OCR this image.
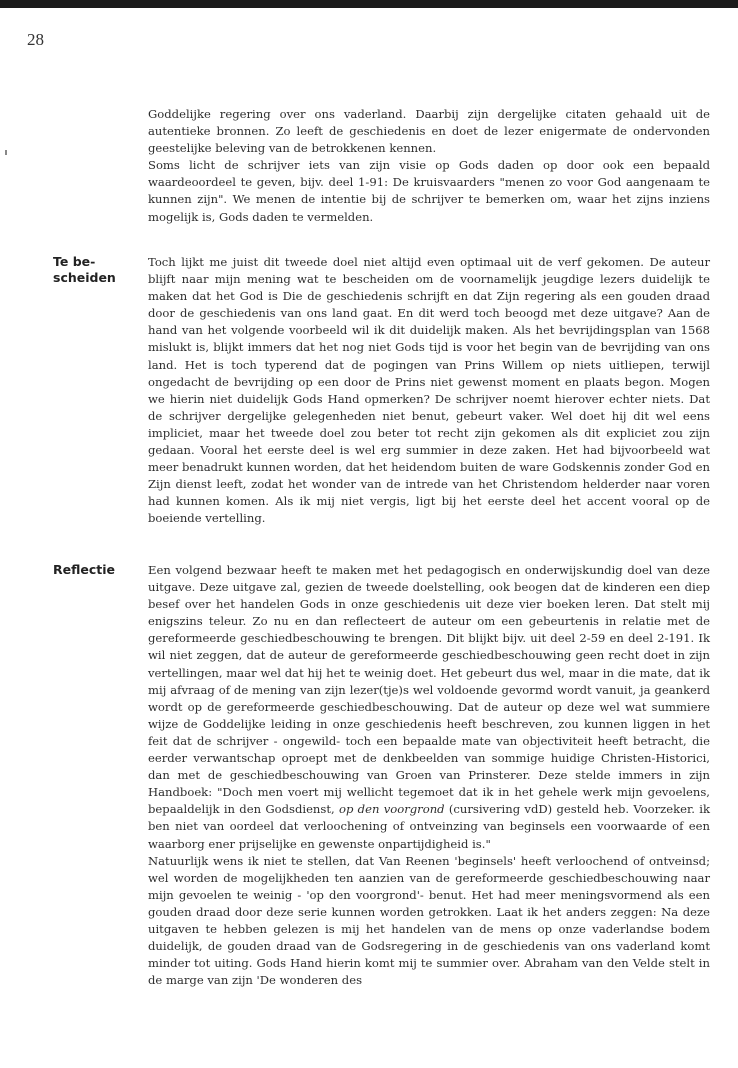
28

Goddelijke regering over ons vaderland. Daarbij zijn dergelijke citaten gehaald uit de autentieke bronnen. Zo leeft de geschiedenis en doet de lezer enigermate de ondervonden geestelijke beleving van de betrokkenen kennen.

Soms licht de schrijver iets van zijn visie op Gods daden op door ook een bepaald waardeoordeel te geven, bijv. deel 1-91: De kruisvaarders "menen zo voor God aangenaam te kunnen zijn". We menen de intentie bij de schrijver te bemerken om, waar het zijns inziens mogelijk is, Gods daden te vermelden.

Te be- scheiden

Toch lijkt me juist dit tweede doel niet altijd even optimaal uit de verf gekomen. De auteur blijft naar mijn mening wat te bescheiden om de voornamelijk jeugdige lezers duidelijk te maken dat het God is Die de geschiedenis schrijft en dat Zijn regering als een gouden draad door de geschiedenis van ons land gaat. En dit werd toch beoogd met deze uitgave? Aan de hand van het volgende voorbeeld wil ik dit duidelijk maken. Als het bevrijdingsplan van 1568 mislukt is, blijkt immers dat het nog niet Gods tijd is voor het begin van de bevrijding van ons land. Het is toch typerend dat de pogingen van Prins Willem op niets uitliepen, terwijl ongedacht de bevrijding op een door de Prins niet gewenst moment en plaats begon. Mogen we hierin niet duidelijk Gods Hand opmerken? De schrijver noemt hierover echter niets. Dat de schrijver dergelijke gelegenheden niet benut, gebeurt vaker. Wel doet hij dit wel eens impliciet, maar het tweede doel zou beter tot recht zijn gekomen als dit expliciet zou zijn gedaan. Vooral het eerste deel is wel erg summier in deze zaken. Het had bijvoorbeeld wat meer benadrukt kunnen worden, dat het heidendom buiten de ware Godskennis zonder God en Zijn dienst leeft, zodat het wonder van de intrede van het Christendom helderder naar voren had kunnen komen. Als ik mij niet vergis, ligt bij het eerste deel het accent vooral op de boeiende vertelling.

Reflectie	Een volgend bezwaar heeft te maken met het pedagogisch en onderwijskundig doel van deze uitgave. Deze uitgave zal, gezien de tweede doelstelling, ook beogen dat de kinderen een diep besef over het handelen Gods in onze geschiedenis uit deze vier boeken leren. Dat stelt mij enigszins teleur. Zo nu en dan reflecteert de auteur om een gebeurtenis in relatie met de gereformeerde geschiedbeschouwing te brengen. Dit blijkt bijv. uit deel 2-59 en deel 2-191. Ik wil niet zeggen, dat de auteur de gereformeerde geschiedbeschouwing geen recht doet in zijn vertellingen, maar wel dat hij het te weinig doet. Het gebeurt dus wel, maar in die mate, dat ik mij afvraag of de mening van zijn lezer(tje)s wel voldoende gevormd wordt vanuit, ja geankerd wordt op de gereformeerde geschiedbeschouwing. Dat de auteur op deze wel wat summiere wijze de Goddelijke leiding in onze geschiedenis heeft beschreven, zou kunnen liggen in het feit dat de schrijver - ongewild- toch een bepaalde mate van objectiviteit heeft betracht, die eerder verwantschap oproept met de denkbeelden van sommige huidige Christen-Historici, dan met de geschiedbeschouwing van Groen van Prinsterer. Deze stelde immers in zijn Handboek: "Doch men voert mij wellicht tegemoet dat ik in het gehele werk mijn gevoelens, bepaaldelijk in den Godsdienst, op den voorgrond (cursivering vdD) gesteld heb. Voorzeker. ik ben niet van oordeel dat verloochening of ontveinzing van beginsels een voorwaarde of een waarborg ener prijselijke en gewenste onpartijdigheid is."

Natuurlijk wens ik niet te stellen, dat Van Reenen 'beginsels' heeft verloochend of ontveinsd; wel worden de mogelijkheden ten aanzien van de gereformeerde geschiedbeschouwing naar mijn gevoelen te weinig - 'op den voorgrond'- benut. Het had meer meningsvormend als een gouden draad door deze serie kunnen worden getrokken. Laat ik het anders zeggen: Na deze uitgaven te hebben gelezen is mij het handelen van de mens op onze vaderlandse bodem duidelijk, de gouden draad van de Godsregering in de geschiedenis van ons vaderland komt minder tot uiting. Gods Hand hierin komt mij te summier over. Abraham van den Velde stelt in de marge van zijn 'De wonderen des
